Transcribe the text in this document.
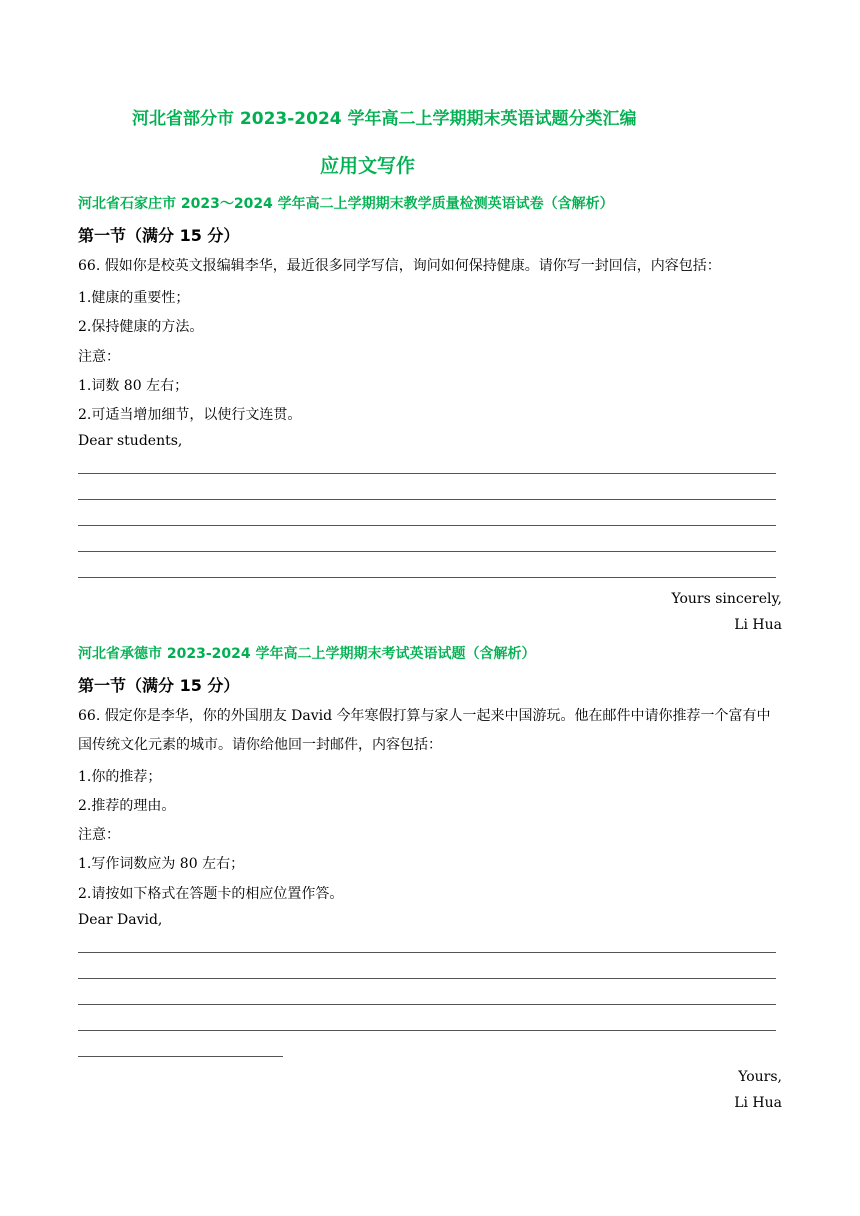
河北省部分市 2023-2024 学年高二上学期期末英语试题分类汇编
应用文写作
河北省石家庄市 2023～2024 学年高二上学期期末教学质量检测英语试卷（含解析）
第一节（满分 15 分）
66. 假如你是校英文报编辑李华，最近很多同学写信，询问如何保持健康。请你写一封回信，内容包括：
1.健康的重要性；
2.保持健康的方法。
注意：
1.词数 80 左右；
2.可适当增加细节，以使行文连贯。
Dear students,
Yours sincerely,
Li Hua
河北省承德市 2023-2024 学年高二上学期期末考试英语试题（含解析）
第一节（满分 15 分）
66. 假定你是李华，你的外国朋友 David 今年寒假打算与家人一起来中国游玩。他在邮件中请你推荐一个富有中国传统文化元素的城市。请你给他回一封邮件，内容包括：
1.你的推荐；
2.推荐的理由。
注意：
1.写作词数应为 80 左右；
2.请按如下格式在答题卡的相应位置作答。
Dear David,
Yours,
Li Hua
